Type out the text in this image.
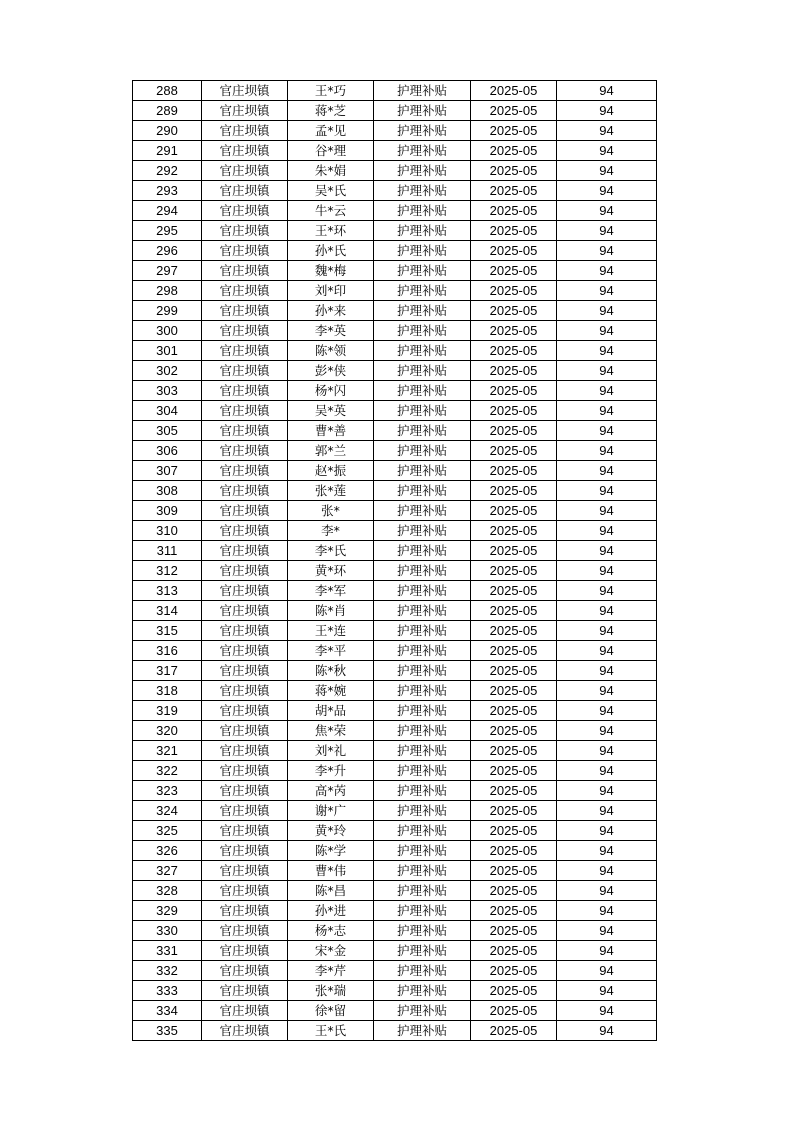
288	官庄坝镇	王*巧	护理补贴	2025-05	94
289	官庄坝镇	蒋*芝	护理补贴	2025-05	94
290	官庄坝镇	孟*见	护理补贴	2025-05	94
291	官庄坝镇	谷*理	护理补贴	2025-05	94
292	官庄坝镇	朱*娟	护理补贴	2025-05	94
293	官庄坝镇	吴*氏	护理补贴	2025-05	94
294	官庄坝镇	牛*云	护理补贴	2025-05	94
295	官庄坝镇	王*环	护理补贴	2025-05	94
296	官庄坝镇	孙*氏	护理补贴	2025-05	94
297	官庄坝镇	魏*梅	护理补贴	2025-05	94
298	官庄坝镇	刘*印	护理补贴	2025-05	94
299	官庄坝镇	孙*来	护理补贴	2025-05	94
300	官庄坝镇	李*英	护理补贴	2025-05	94
301	官庄坝镇	陈*领	护理补贴	2025-05	94
302	官庄坝镇	彭*侠	护理补贴	2025-05	94
303	官庄坝镇	杨*闪	护理补贴	2025-05	94
304	官庄坝镇	吴*英	护理补贴	2025-05	94
305	官庄坝镇	曹*善	护理补贴	2025-05	94
306	官庄坝镇	郭*兰	护理补贴	2025-05	94
307	官庄坝镇	赵*振	护理补贴	2025-05	94
308	官庄坝镇	张*莲	护理补贴	2025-05	94
309	官庄坝镇	张*	护理补贴	2025-05	94
310	官庄坝镇	李*	护理补贴	2025-05	94
311	官庄坝镇	李*氏	护理补贴	2025-05	94
312	官庄坝镇	黄*环	护理补贴	2025-05	94
313	官庄坝镇	李*军	护理补贴	2025-05	94
314	官庄坝镇	陈*肖	护理补贴	2025-05	94
315	官庄坝镇	王*连	护理补贴	2025-05	94
316	官庄坝镇	李*平	护理补贴	2025-05	94
317	官庄坝镇	陈*秋	护理补贴	2025-05	94
318	官庄坝镇	蒋*婉	护理补贴	2025-05	94
319	官庄坝镇	胡*品	护理补贴	2025-05	94
320	官庄坝镇	焦*荣	护理补贴	2025-05	94
321	官庄坝镇	刘*礼	护理补贴	2025-05	94
322	官庄坝镇	李*升	护理补贴	2025-05	94
323	官庄坝镇	高*芮	护理补贴	2025-05	94
324	官庄坝镇	谢*广	护理补贴	2025-05	94
325	官庄坝镇	黄*玲	护理补贴	2025-05	94
326	官庄坝镇	陈*学	护理补贴	2025-05	94
327	官庄坝镇	曹*伟	护理补贴	2025-05	94
328	官庄坝镇	陈*昌	护理补贴	2025-05	94
329	官庄坝镇	孙*进	护理补贴	2025-05	94
330	官庄坝镇	杨*志	护理补贴	2025-05	94
331	官庄坝镇	宋*金	护理补贴	2025-05	94
332	官庄坝镇	李*芹	护理补贴	2025-05	94
333	官庄坝镇	张*瑞	护理补贴	2025-05	94
334	官庄坝镇	徐*留	护理补贴	2025-05	94
335	官庄坝镇	王*氏	护理补贴	2025-05	94
